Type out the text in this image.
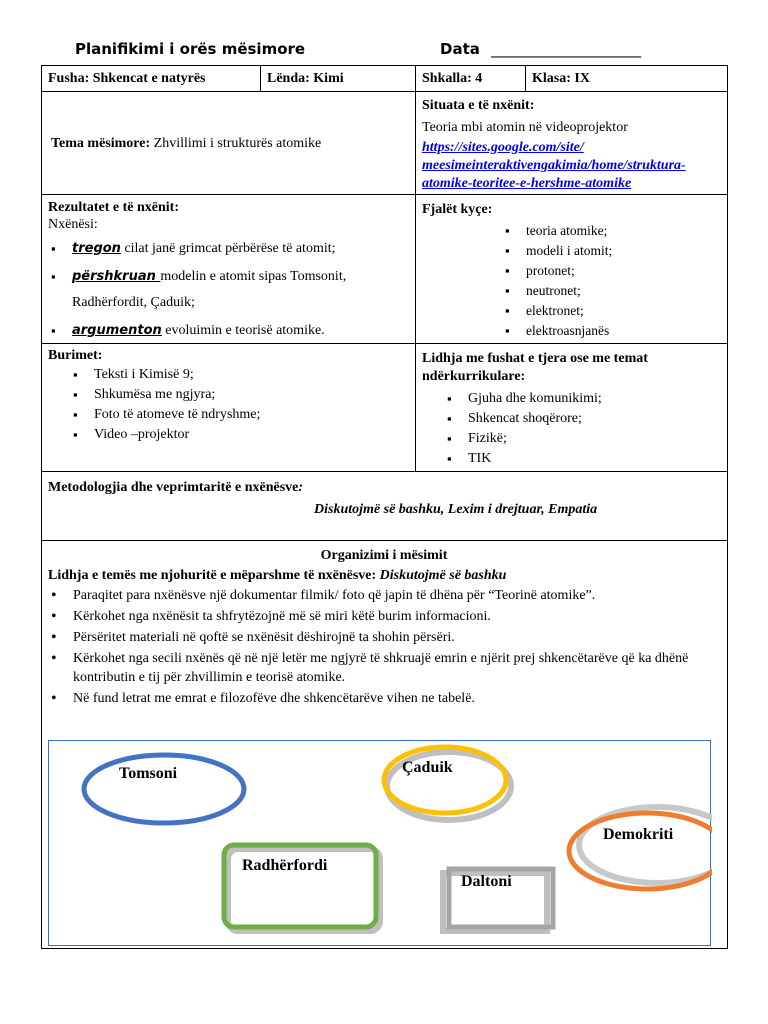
Planifikimi i orës mësimore	Data ____________________
Fusha: Shkencat e natyrës	Lënda: Kimi	Shkalla: 4	Klasa: IX
Tema mësimore: Zhvillimi i strukturës atomike
Situata e të nxënit:
Teoria mbi atomin në videoprojektor
https://sites.google.com/site/
meesimeinteraktivengakimia/home/struktura-
atomike-teoritee-e-hershme-atomike
Rezultatet e të nxënit:
Nxënësi:
▪ tregon cilat janë grimcat përbërëse të atomit;
▪ përshkruan modelin e atomit sipas Tomsonit,
Radhërfordit, Çaduik;
▪ argumenton evoluimin e teorisë atomike.
Fjalët kyçe:
▪ teoria atomike;
▪ modeli i atomit;
▪ protonet;
▪ neutronet;
▪ elektronet;
▪ elektroasnjanës
Burimet:
▪ Teksti i Kimisë 9;
▪ Shkumësa me ngjyra;
▪ Foto të atomeve të ndryshme;
▪ Video –projektor
Lidhja me fushat e tjera ose me temat
ndërkurrikulare:
▪ Gjuha dhe komunikimi;
▪ Shkencat shoqërore;
▪ Fizikë;
▪ TIK
Metodologjia dhe veprimtaritë e nxënësve:
Diskutojmë së bashku, Lexim i drejtuar, Empatia
Organizimi i mësimit
Lidhja e temës me njohuritë e mëparshme të nxënësve: Diskutojmë së bashku
• Paraqitet para nxënësve një dokumentar filmik/ foto që japin të dhëna për “Teorinë atomike”.
• Kërkohet nga nxënësit ta shfrytëzojnë më së miri këtë burim informacioni.
• Përsëritet materiali në qoftë se nxënësit dëshirojnë ta shohin përsëri.
• Kërkohet nga secili nxënës që në një letër me ngjyrë të shkruajë emrin e njërit prej shkencëtarëve që ka dhënë kontributin e tij për zhvillimin e teorisë atomike.
• Në fund letrat me emrat e filozofëve dhe shkencëtarëve vihen ne tabelë.
Tomsoni	Çaduik
Demokriti
Radhërfordi
Daltoni
